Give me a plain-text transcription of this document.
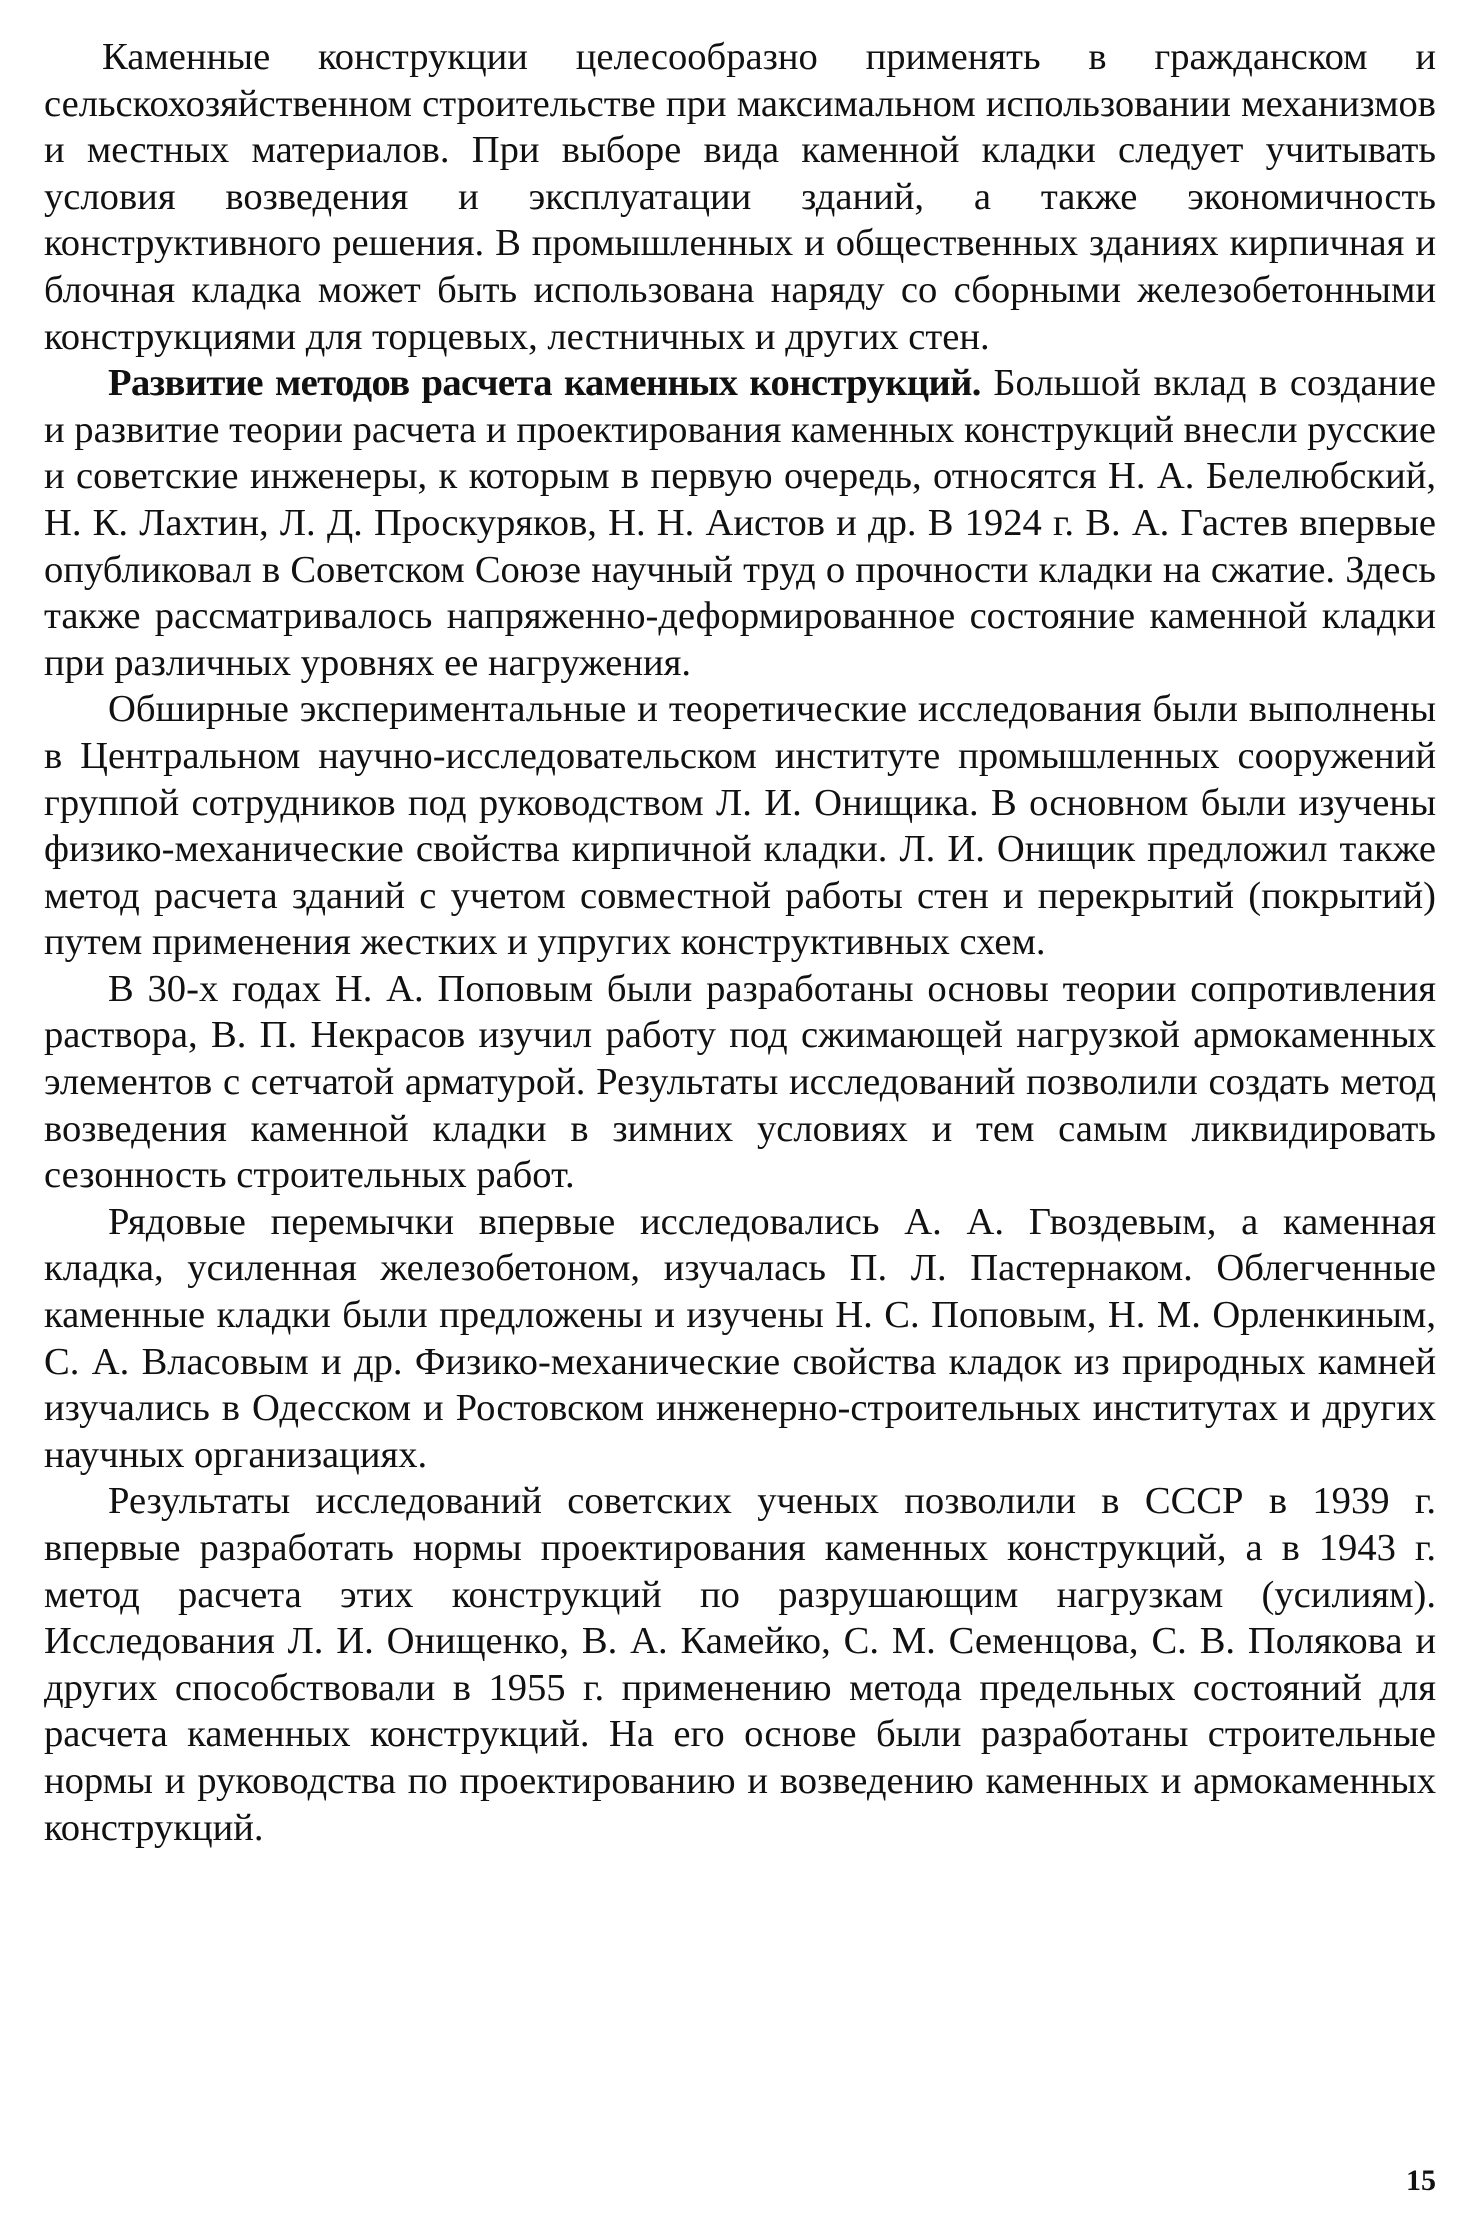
Каменные конструкции целесообразно применять в гражданском и сельскохозяйственном строительстве при максимальном использовании механизмов и местных материалов. При выборе вида каменной кладки следует учитывать условия возведения и эксплуатации зданий, а также экономичность конструктивного решения. В промышленных и общественных зданиях кирпичная и блочная кладка может быть использована наряду со сборными железобетонными конструкциями для торцевых, лестничных и других стен.

Развитие методов расчета каменных конструкций. Большой вклад в создание и развитие теории расчета и проектирования каменных конструкций внесли русские и советские инженеры, к которым в первую очередь, относятся Н. А. Белелюбский, Н. К. Лахтин, Л. Д. Проскуряков, Н. Н. Аистов и др. В 1924 г. В. А. Гастев впервые опубликовал в Советском Союзе научный труд о прочности кладки на сжатие. Здесь также рассматривалось напряженно-деформированное состояние каменной кладки при различных уровнях ее нагружения.

Обширные экспериментальные и теоретические исследования были выполнены в Центральном научно-исследовательском институте промышленных сооружений группой сотрудников под руководством Л. И. Онищика. В основном были изучены физико-механические свойства кирпичной кладки. Л. И. Онищик предложил также метод расчета зданий с учетом совместной работы стен и перекрытий (покрытий) путем применения жестких и упругих конструктивных схем.

В 30-х годах Н. А. Поповым были разработаны основы теории сопротивления раствора, В. П. Некрасов изучил работу под сжимающей нагрузкой армокаменных элементов с сетчатой арматурой. Результаты исследований позволили создать метод возведения каменной кладки в зимних условиях и тем самым ликвидировать сезонность строительных работ.

Рядовые перемычки впервые исследовались А. А. Гвоздевым, а каменная кладка, усиленная железобетоном, изучалась П. Л. Пастернаком. Облегченные каменные кладки были предложены и изучены Н. С. Поповым, Н. М. Орленкиным, С. А. Власовым и др. Физико-механические свойства кладок из природных камней изучались в Одесском и Ростовском инженерно-строительных институтах и других научных организациях.

Результаты исследований советских ученых позволили в СССР в 1939 г. впервые разработать нормы проектирования каменных конструкций, а в 1943 г. метод расчета этих конструкций по разрушающим нагрузкам (усилиям). Исследования Л. И. Онищенко, В. А. Камейко, С. М. Семенцова, С. В. Полякова и других способствовали в 1955 г. применению метода предельных состояний для расчета каменных конструкций. На его основе были разработаны строительные нормы и руководства по проектированию и возведению каменных и армокаменных конструкций.

15
